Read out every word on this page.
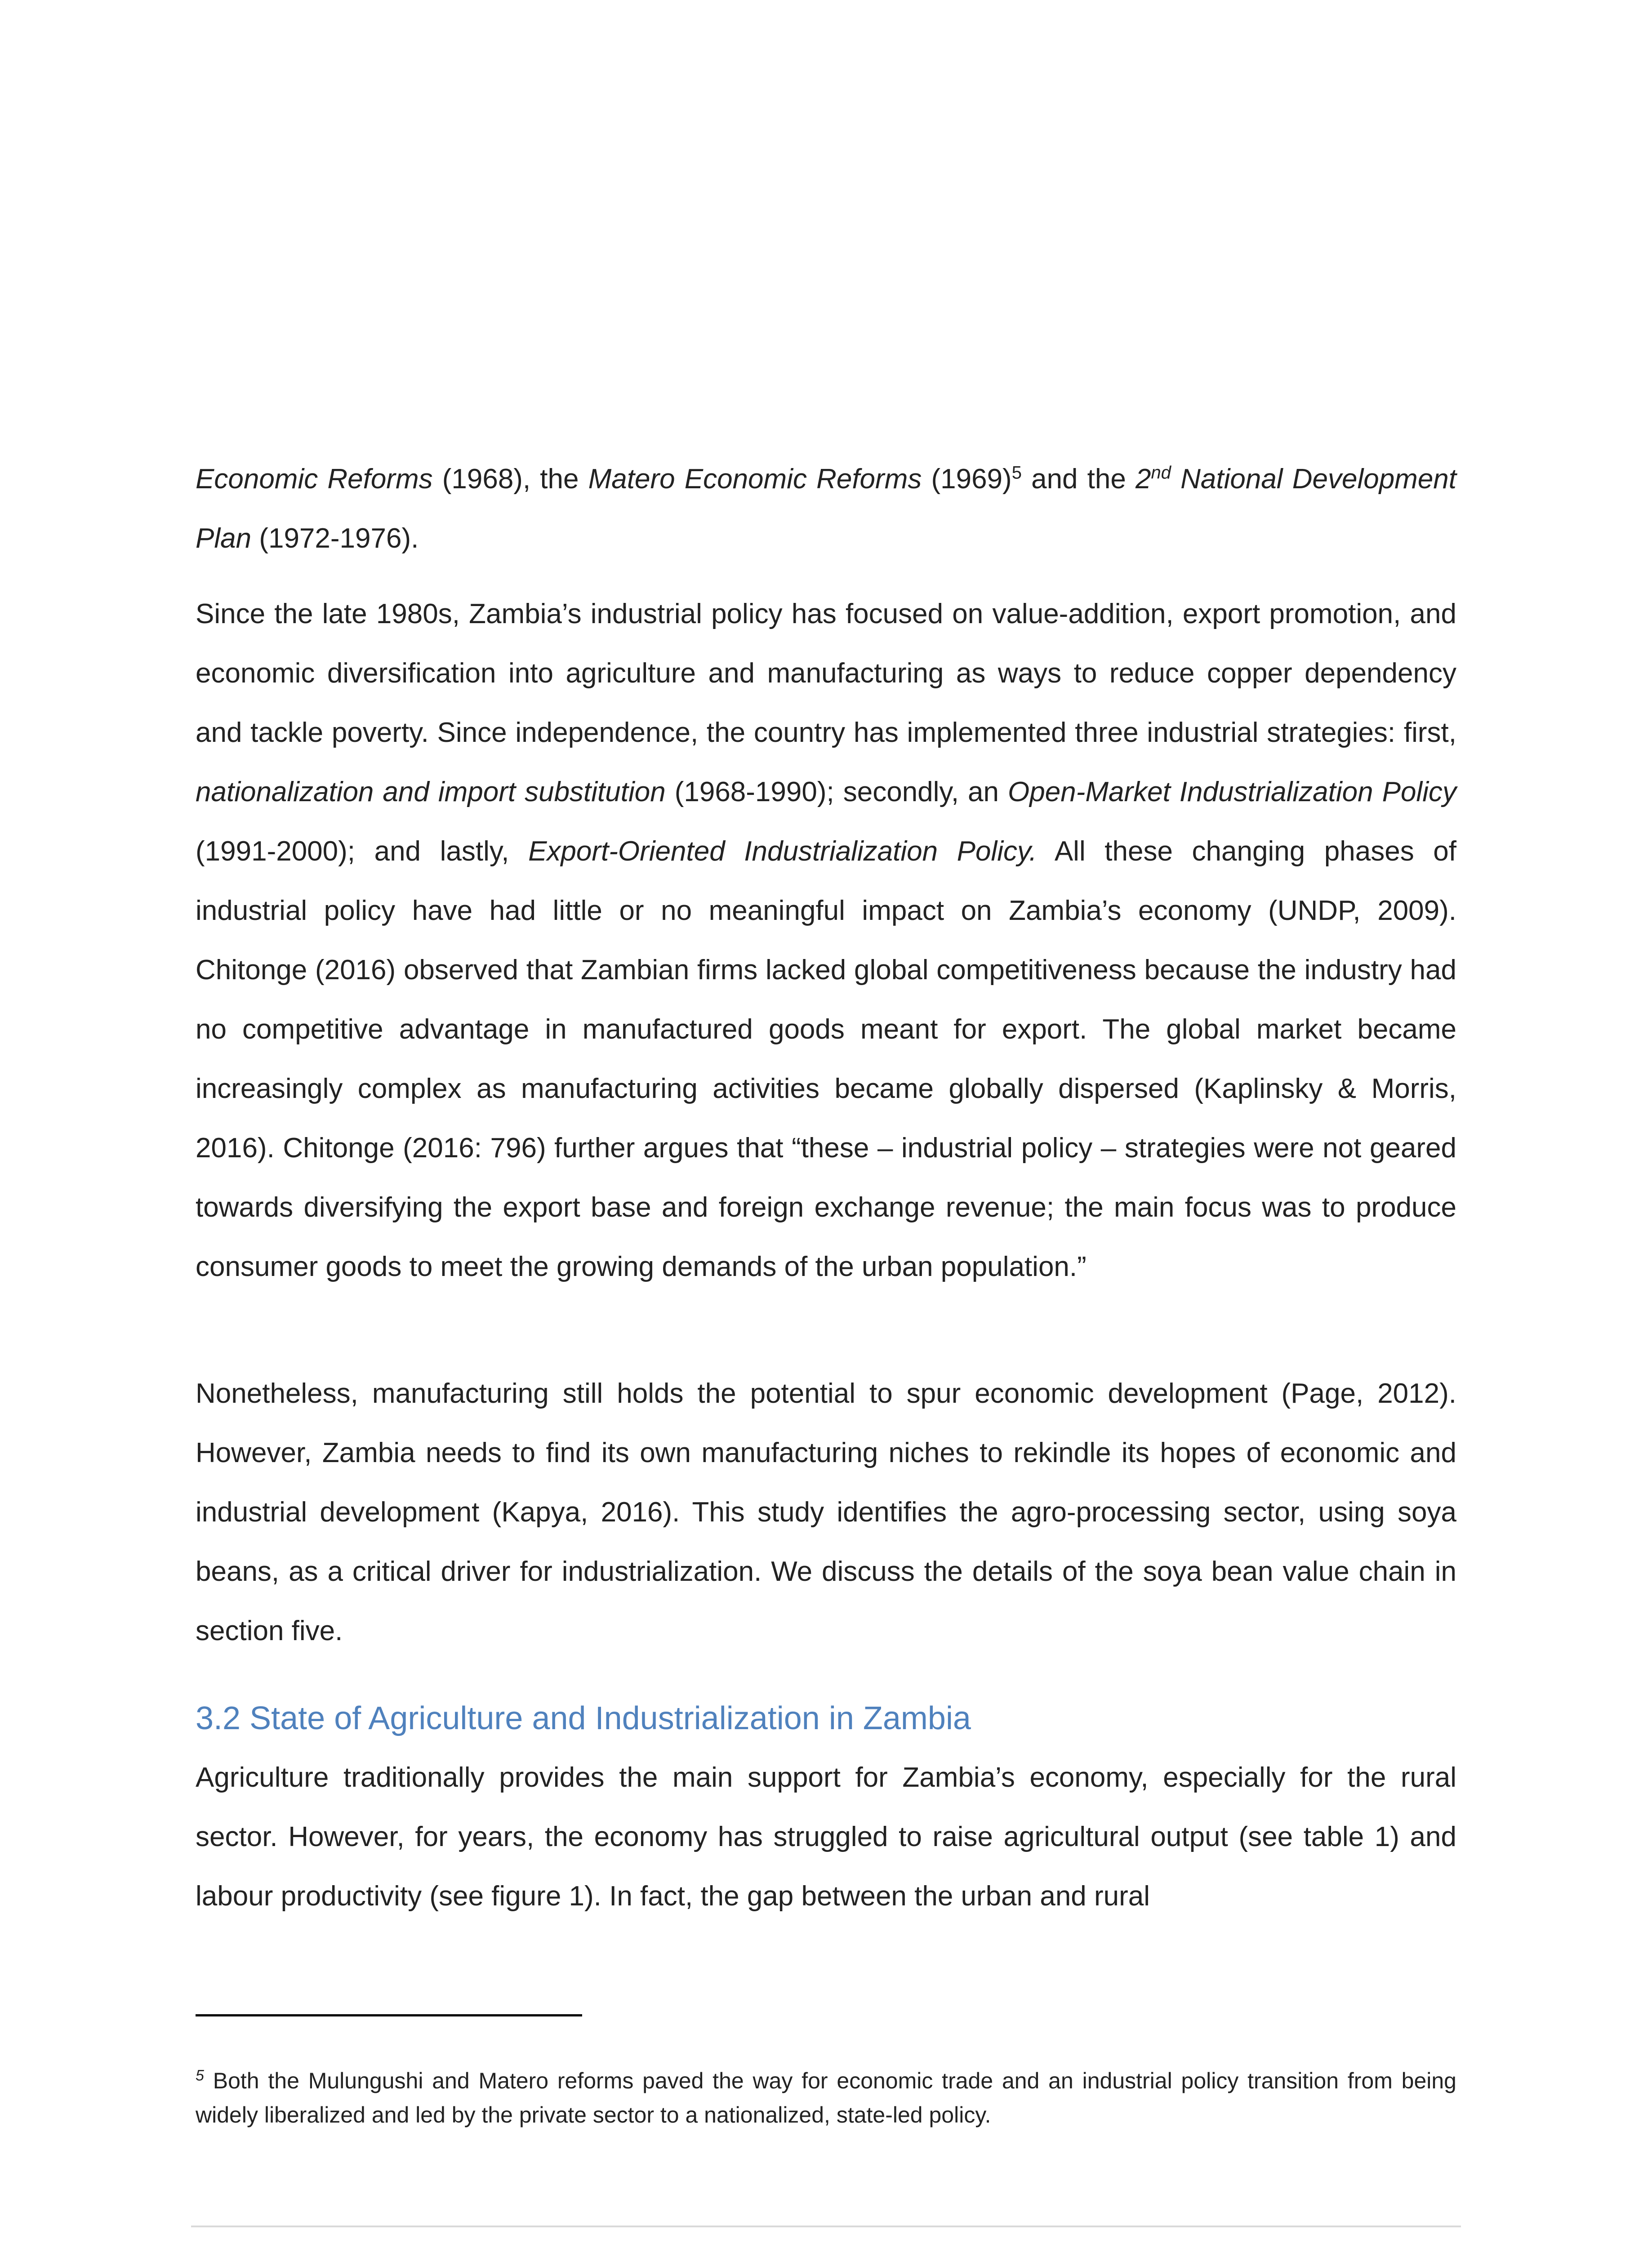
Economic Reforms (1968), the Matero Economic Reforms $(1969)^5$ and the 2nd National Development Plan (1972-1976).

Since the late 1980s, Zambia’s industrial policy has focused on value-addition, export promotion, and economic diversification into agriculture and manufacturing as ways to reduce copper dependency and tackle poverty. Since independence, the country has implemented three industrial strategies: first, nationalization and import substitution (1968-1990); secondly, an Open-Market Industrialization Policy (1991-2000); and lastly, Export-Oriented Industrialization Policy. All these changing phases of industrial policy have had little or no meaningful impact on Zambia’s economy (UNDP, 2009). Chitonge (2016) observed that Zambian firms lacked global competitiveness because the industry had no competitive advantage in manufactured goods meant for export. The global market became increasingly complex as manufacturing activities became globally dispersed (Kaplinsky & Morris, 2016). Chitonge (2016: 796) further argues that “these – industrial policy – strategies were not geared towards diversifying the export base and foreign exchange revenue; the main focus was to produce consumer goods to meet the growing demands of the urban population.”

Nonetheless, manufacturing still holds the potential to spur economic development (Page, 2012). However, Zambia needs to find its own manufacturing niches to rekindle its hopes of economic and industrial development (Kapya, 2016). This study identifies the agro-processing sector, using soya beans, as a critical driver for industrialization. We discuss the details of the soya bean value chain in section five.

3.2 State of Agriculture and Industrialization in Zambia

Agriculture traditionally provides the main support for Zambia’s economy, especially for the rural sector. However, for years, the economy has struggled to raise agricultural output (see table 1) and labour productivity (see figure 1). In fact, the gap between the urban and rural

$^5$ Both the Mulungushi and Matero reforms paved the way for economic trade and an industrial policy transition from being widely liberalized and led by the private sector to a nationalized, state-led policy.
